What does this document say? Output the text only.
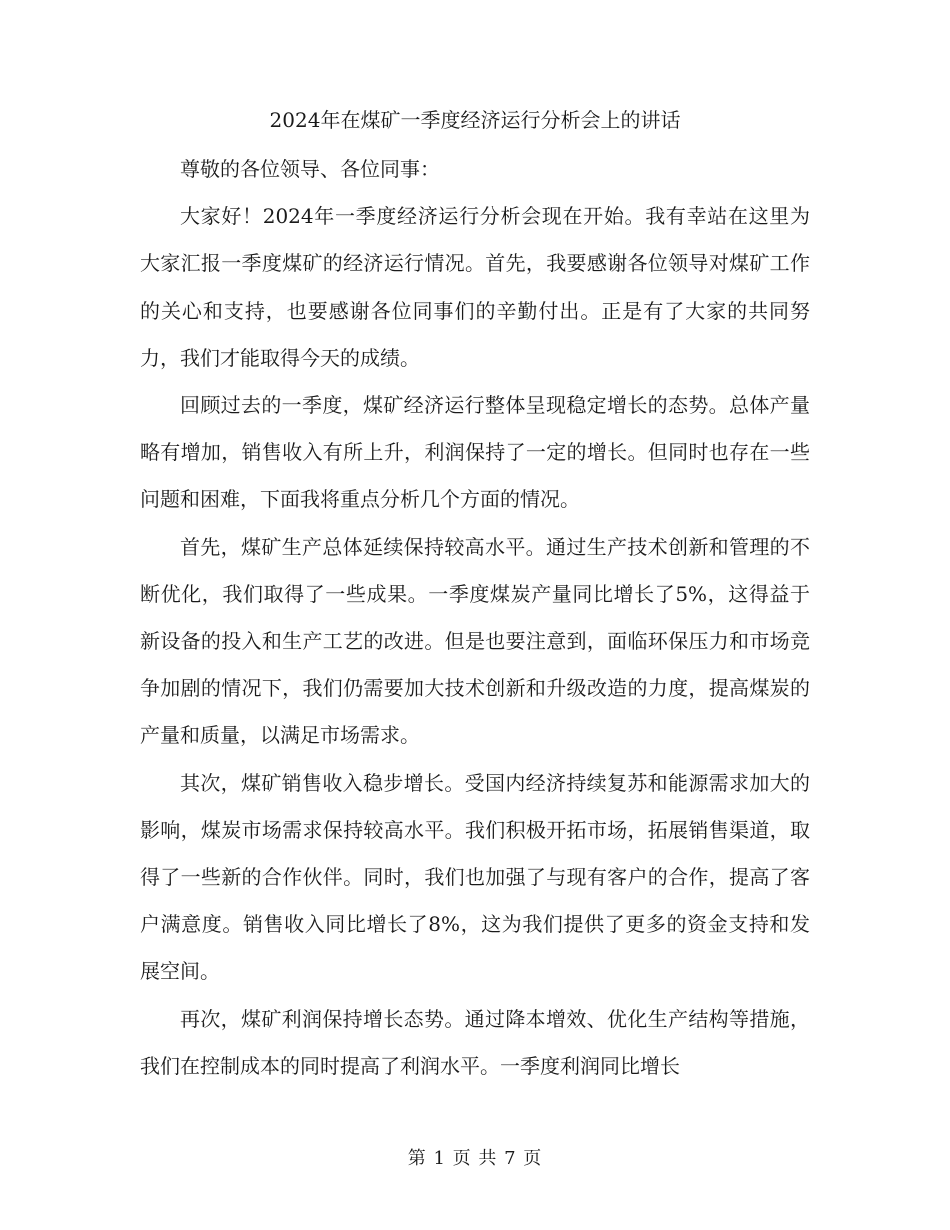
2024年在煤矿一季度经济运行分析会上的讲话

尊敬的各位领导、各位同事：

大家好！2024年一季度经济运行分析会现在开始。我有幸站在这里为大家汇报一季度煤矿的经济运行情况。首先，我要感谢各位领导对煤矿工作的关心和支持，也要感谢各位同事们的辛勤付出。正是有了大家的共同努力，我们才能取得今天的成绩。

回顾过去的一季度，煤矿经济运行整体呈现稳定增长的态势。总体产量略有增加，销售收入有所上升，利润保持了一定的增长。但同时也存在一些问题和困难，下面我将重点分析几个方面的情况。

首先，煤矿生产总体延续保持较高水平。通过生产技术创新和管理的不断优化，我们取得了一些成果。一季度煤炭产量同比增长了5%，这得益于新设备的投入和生产工艺的改进。但是也要注意到，面临环保压力和市场竞争加剧的情况下，我们仍需要加大技术创新和升级改造的力度，提高煤炭的产量和质量，以满足市场需求。

其次，煤矿销售收入稳步增长。受国内经济持续复苏和能源需求加大的影响，煤炭市场需求保持较高水平。我们积极开拓市场，拓展销售渠道，取得了一些新的合作伙伴。同时，我们也加强了与现有客户的合作，提高了客户满意度。销售收入同比增长了8%，这为我们提供了更多的资金支持和发展空间。

再次，煤矿利润保持增长态势。通过降本增效、优化生产结构等措施，我们在控制成本的同时提高了利润水平。一季度利润同比增长

第 1 页 共 7 页
